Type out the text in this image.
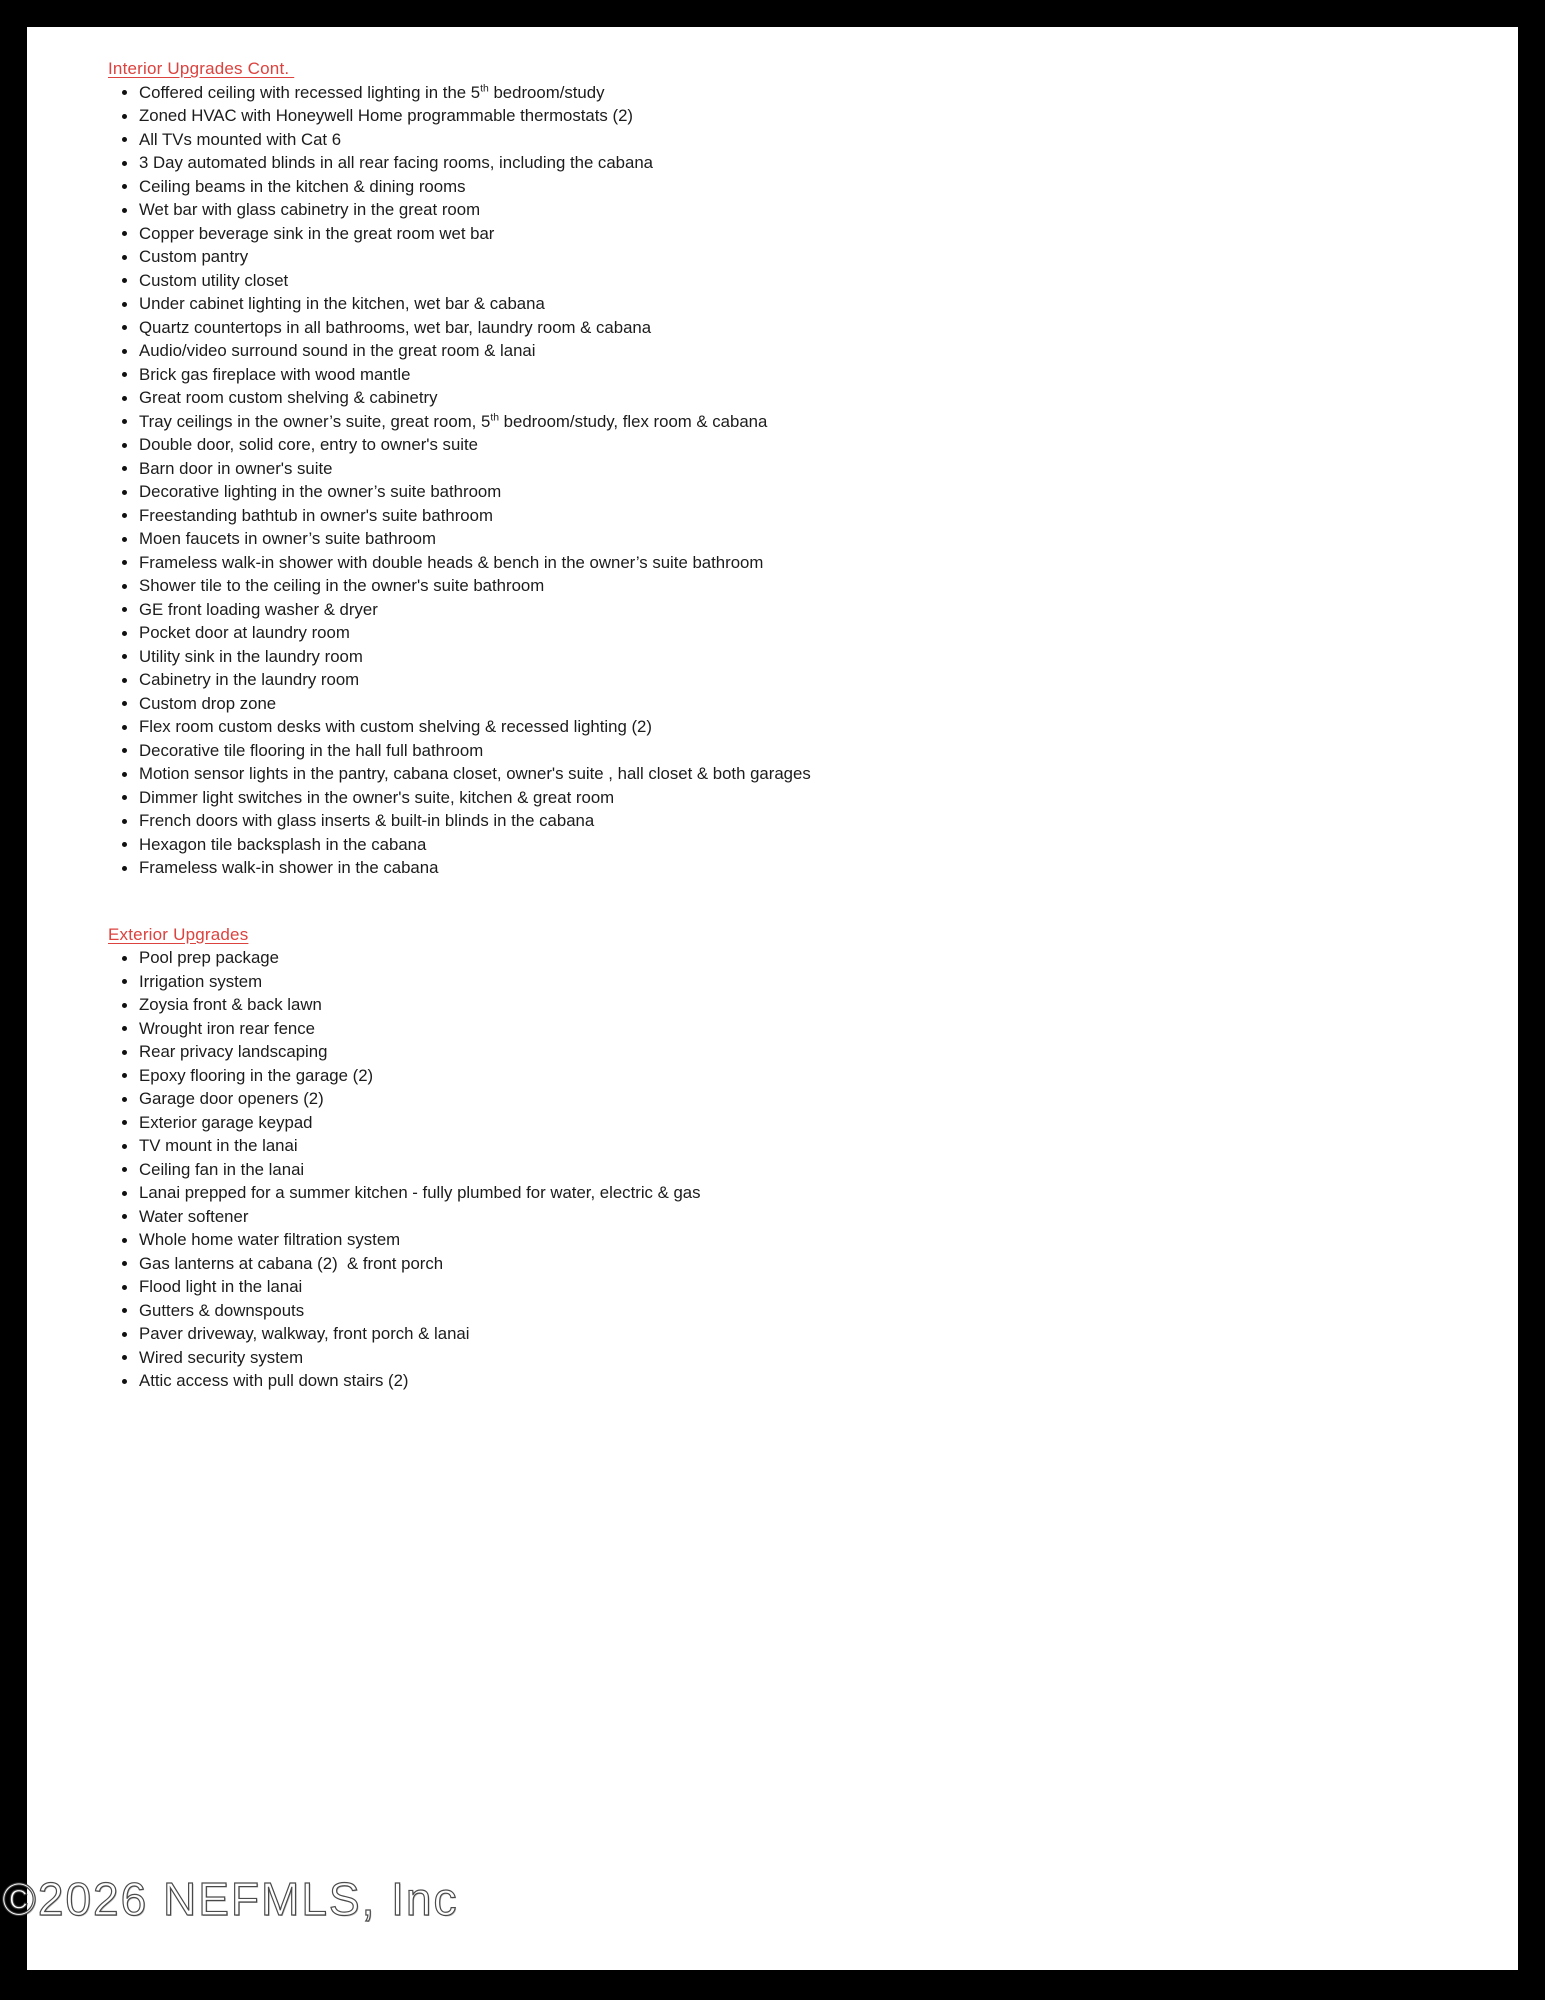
Interior Upgrades Cont.
Coffered ceiling with recessed lighting in the 5th bedroom/study
Zoned HVAC with Honeywell Home programmable thermostats (2)
All TVs mounted with Cat 6
3 Day automated blinds in all rear facing rooms, including the cabana
Ceiling beams in the kitchen & dining rooms
Wet bar with glass cabinetry in the great room
Copper beverage sink in the great room wet bar
Custom pantry
Custom utility closet
Under cabinet lighting in the kitchen, wet bar & cabana
Quartz countertops in all bathrooms, wet bar, laundry room & cabana
Audio/video surround sound in the great room & lanai
Brick gas fireplace with wood mantle
Great room custom shelving & cabinetry
Tray ceilings in the owner’s suite, great room, 5th bedroom/study, flex room & cabana
Double door, solid core, entry to owner's suite
Barn door in owner's suite
Decorative lighting in the owner’s suite bathroom
Freestanding bathtub in owner's suite bathroom
Moen faucets in owner’s suite bathroom
Frameless walk-in shower with double heads & bench in the owner’s suite bathroom
Shower tile to the ceiling in the owner's suite bathroom
GE front loading washer & dryer
Pocket door at laundry room
Utility sink in the laundry room
Cabinetry in the laundry room
Custom drop zone
Flex room custom desks with custom shelving & recessed lighting (2)
Decorative tile flooring in the hall full bathroom
Motion sensor lights in the pantry, cabana closet, owner's suite , hall closet & both garages
Dimmer light switches in the owner's suite, kitchen & great room
French doors with glass inserts & built-in blinds in the cabana
Hexagon tile backsplash in the cabana
Frameless walk-in shower in the cabana
Exterior Upgrades
Pool prep package
Irrigation system
Zoysia front & back lawn
Wrought iron rear fence
Rear privacy landscaping
Epoxy flooring in the garage (2)
Garage door openers (2)
Exterior garage keypad
TV mount in the lanai
Ceiling fan in the lanai
Lanai prepped for a summer kitchen - fully plumbed for water, electric & gas
Water softener
Whole home water filtration system
Gas lanterns at cabana (2)  & front porch
Flood light in the lanai
Gutters & downspouts
Paver driveway, walkway, front porch & lanai
Wired security system
Attic access with pull down stairs (2)
©2026 NEFMLS, Inc
